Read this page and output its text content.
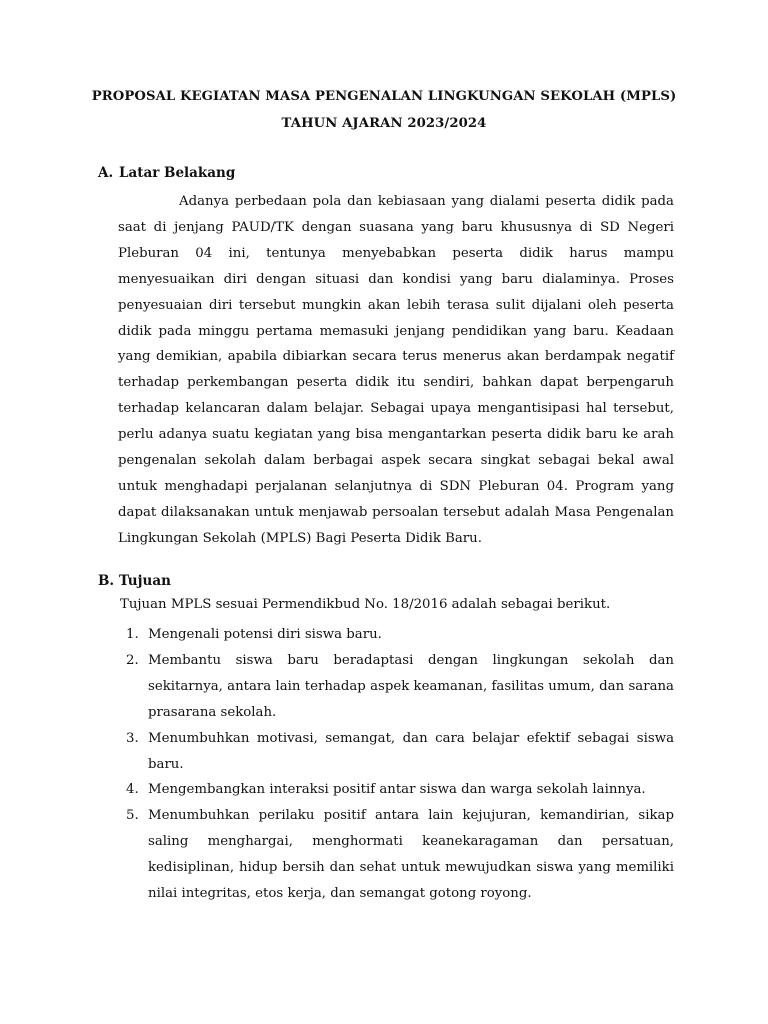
PROPOSAL KEGIATAN MASA PENGENALAN LINGKUNGAN SEKOLAH (MPLS)
TAHUN AJARAN 2023/2024
A. Latar Belakang

Adanya perbedaan pola dan kebiasaan yang dialami peserta didik pada saat di jenjang PAUD/TK dengan suasana yang baru khususnya di SD Negeri Pleburan 04 ini, tentunya menyebabkan peserta didik harus mampu menyesuaikan diri dengan situasi dan kondisi yang baru dialaminya. Proses penyesuaian diri tersebut mungkin akan lebih terasa sulit dijalani oleh peserta didik pada minggu pertama memasuki jenjang pendidikan yang baru. Keadaan yang demikian, apabila dibiarkan secara terus menerus akan berdampak negatif terhadap perkembangan peserta didik itu sendiri, bahkan dapat berpengaruh terhadap kelancaran dalam belajar. Sebagai upaya mengantisipasi hal tersebut, perlu adanya suatu kegiatan yang bisa mengantarkan peserta didik baru ke arah pengenalan sekolah dalam berbagai aspek secara singkat sebagai bekal awal untuk menghadapi perjalanan selanjutnya di SDN Pleburan 04. Program yang dapat dilaksanakan untuk menjawab persoalan tersebut adalah Masa Pengenalan Lingkungan Sekolah (MPLS) Bagi Peserta Didik Baru.

B. Tujuan
Tujuan MPLS sesuai Permendikbud No. 18/2016 adalah sebagai berikut.
1. Mengenali potensi diri siswa baru.
2. Membantu siswa baru beradaptasi dengan lingkungan sekolah dan sekitarnya, antara lain terhadap aspek keamanan, fasilitas umum, dan sarana prasarana sekolah.
3. Menumbuhkan motivasi, semangat, dan cara belajar efektif sebagai siswa baru.
4. Mengembangkan interaksi positif antar siswa dan warga sekolah lainnya.
5. Menumbuhkan perilaku positif antara lain kejujuran, kemandirian, sikap saling menghargai, menghormati keanekaragaman dan persatuan, kedisiplinan, hidup bersih dan sehat untuk mewujudkan siswa yang memiliki nilai integritas, etos kerja, dan semangat gotong royong.
